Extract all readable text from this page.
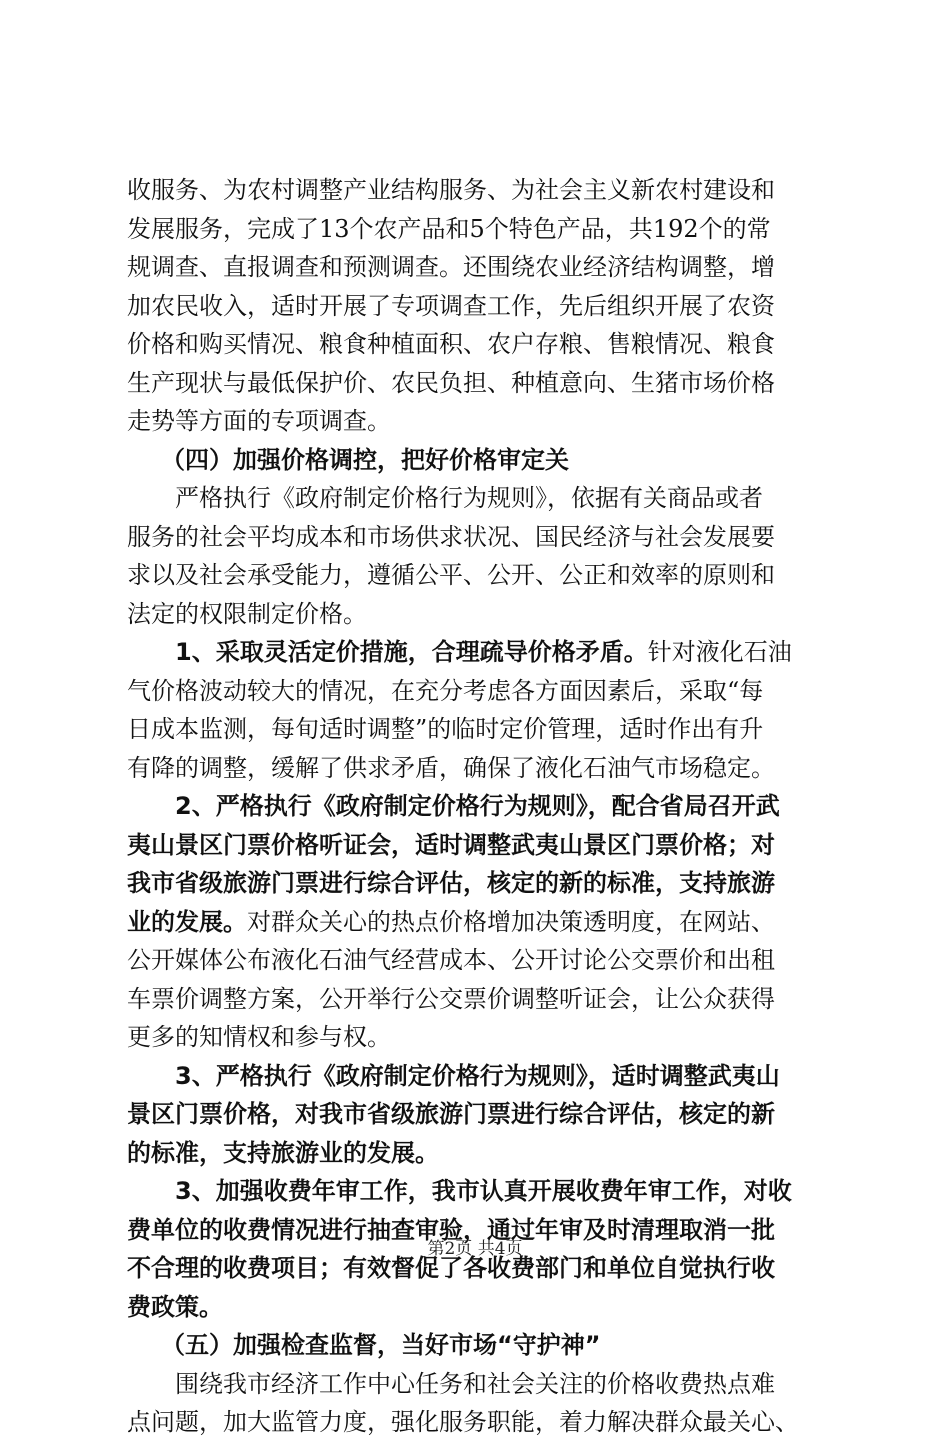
收服务、为农村调整产业结构服务、为社会主义新农村建设和
发展服务，完成了13个农产品和5个特色产品，共192个的常
规调查、直报调查和预测调查。还围绕农业经济结构调整，增
加农民收入，适时开展了专项调查工作，先后组织开展了农资
价格和购买情况、粮食种植面积、农户存粮、售粮情况、粮食
生产现状与最低保护价、农民负担、种植意向、生猪市场价格
走势等方面的专项调查。
（四）加强价格调控，把好价格审定关
严格执行《政府制定价格行为规则》，依据有关商品或者
服务的社会平均成本和市场供求状况、国民经济与社会发展要
求以及社会承受能力，遵循公平、公开、公正和效率的原则和
法定的权限制定价格。
1、采取灵活定价措施，合理疏导价格矛盾。针对液化石油
气价格波动较大的情况，在充分考虑各方面因素后，采取“每
日成本监测，每旬适时调整”的临时定价管理，适时作出有升
有降的调整，缓解了供求矛盾，确保了液化石油气市场稳定。
2、严格执行《政府制定价格行为规则》，配合省局召开武
夷山景区门票价格听证会，适时调整武夷山景区门票价格；对
我市省级旅游门票进行综合评估，核定的新的标准，支持旅游
业的发展。对群众关心的热点价格增加决策透明度，在网站、
公开媒体公布液化石油气经营成本、公开讨论公交票价和出租
车票价调整方案，公开举行公交票价调整听证会，让公众获得
更多的知情权和参与权。
3、严格执行《政府制定价格行为规则》，适时调整武夷山
景区门票价格，对我市省级旅游门票进行综合评估，核定的新
的标准，支持旅游业的发展。
3、加强收费年审工作，我市认真开展收费年审工作，对收
费单位的收费情况进行抽查审验，通过年审及时清理取消一批
不合理的收费项目；有效督促了各收费部门和单位自觉执行收
费政策。
（五）加强检查监督，当好市场“守护神”
围绕我市经济工作中心任务和社会关注的价格收费热点难
点问题，加大监管力度，强化服务职能，着力解决群众最关心、
第2页 共4页
